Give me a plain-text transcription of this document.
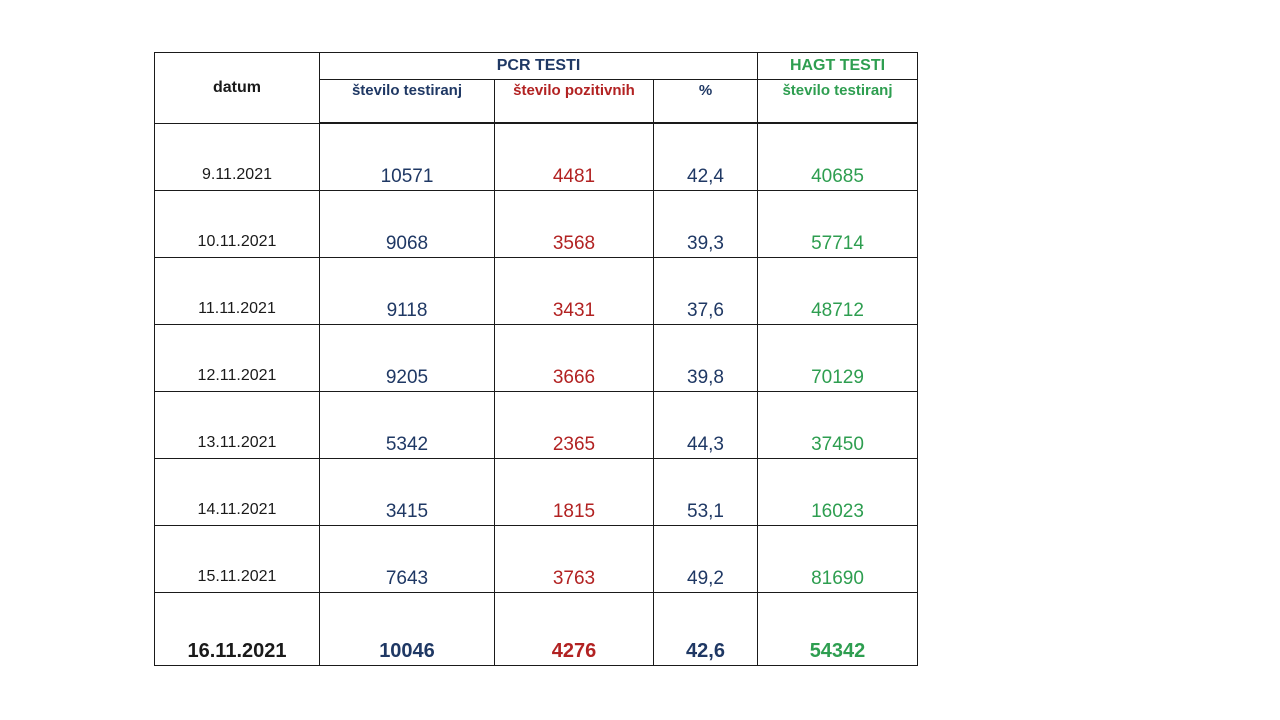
datum	PCR TESTI			HAGT TESTI
	število testiranj	število pozitivnih	%	število testiranj

9.11.2021	10571	4481	42,4	40685

10.11.2021	9068	3568	39,3	57714

11.11.2021	9118	3431	37,6	48712

12.11.2021	9205	3666	39,8	70129

13.11.2021	5342	2365	44,3	37450

14.11.2021	3415	1815	53,1	16023

15.11.2021	7643	3763	49,2	81690

16.11.2021	10046	4276	42,6	54342
